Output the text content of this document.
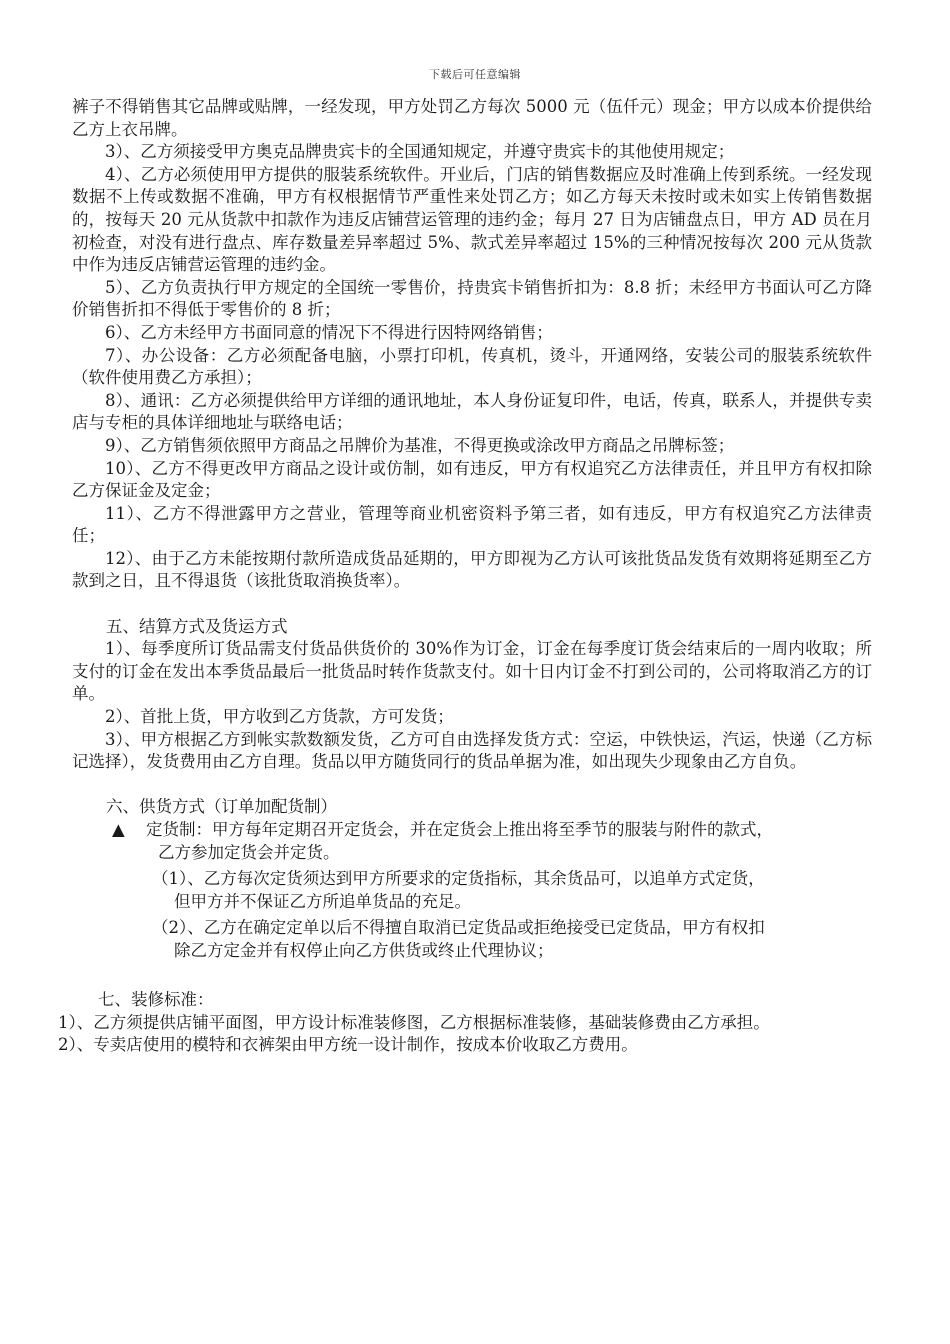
下载后可任意编辑

裤子不得销售其它品牌或贴牌，一经发现，甲方处罚乙方每次 5000 元（伍仟元）现金；甲方以成本价提供给乙方上衣吊牌。

3）、乙方须接受甲方奥克品牌贵宾卡的全国通知规定，并遵守贵宾卡的其他使用规定；

4）、乙方必须使用甲方提供的服装系统软件。开业后，门店的销售数据应及时准确上传到系统。一经发现数据不上传或数据不准确，甲方有权根据情节严重性来处罚乙方；如乙方每天未按时或未如实上传销售数据的，按每天 20 元从货款中扣款作为违反店铺营运管理的违约金；每月 27 日为店铺盘点日，甲方 AD 员在月初检查，对没有进行盘点、库存数量差异率超过 5%、款式差异率超过 15%的三种情况按每次 200 元从货款中作为违反店铺营运管理的违约金。

5）、乙方负责执行甲方规定的全国统一零售价，持贵宾卡销售折扣为：8.8 折；未经甲方书面认可乙方降价销售折扣不得低于零售价的 8 折；

6）、乙方未经甲方书面同意的情况下不得进行因特网络销售；

7）、办公设备：乙方必须配备电脑，小票打印机，传真机，烫斗，开通网络，安装公司的服装系统软件（软件使用费乙方承担）；

8）、通讯：乙方必须提供给甲方详细的通讯地址，本人身份证复印件，电话，传真，联系人，并提供专卖店与专柜的具体详细地址与联络电话；

9）、乙方销售须依照甲方商品之吊牌价为基准，不得更换或涂改甲方商品之吊牌标签；

10）、乙方不得更改甲方商品之设计或仿制，如有违反，甲方有权追究乙方法律责任，并且甲方有权扣除乙方保证金及定金；

11）、乙方不得泄露甲方之营业，管理等商业机密资料予第三者，如有违反，甲方有权追究乙方法律责任；

12）、由于乙方未能按期付款所造成货品延期的，甲方即视为乙方认可该批货品发货有效期将延期至乙方款到之日，且不得退货（该批货取消换货率）。

五、结算方式及货运方式

1）、每季度所订货品需支付货品供货价的 30%作为订金，订金在每季度订货会结束后的一周内收取；所支付的订金在发出本季货品最后一批货品时转作货款支付。如十日内订金不打到公司的，公司将取消乙方的订单。

2）、首批上货，甲方收到乙方货款，方可发货；

3）、甲方根据乙方到帐实款数额发货，乙方可自由选择发货方式：空运，中铁快运，汽运，快递（乙方标记选择），发货费用由乙方自理。货品以甲方随货同行的货品单据为准，如出现失少现象由乙方自负。

六、供货方式（订单加配货制）

▲	定货制：甲方每年定期召开定货会，并在定货会上推出将至季节的服装与附件的款式，

乙方参加定货会并定货。

（1）、乙方每次定货须达到甲方所要求的定货指标，其余货品可，以追单方式定货，

但甲方并不保证乙方所追单货品的充足。

（2）、乙方在确定定单以后不得擅自取消已定货品或拒绝接受已定货品，甲方有权扣

除乙方定金并有权停止向乙方供货或终止代理协议；

七、装修标准：

1）、乙方须提供店铺平面图，甲方设计标准装修图，乙方根据标准装修，基础装修费由乙方承担。

2）、专卖店使用的模特和衣裤架由甲方统一设计制作，按成本价收取乙方费用。
